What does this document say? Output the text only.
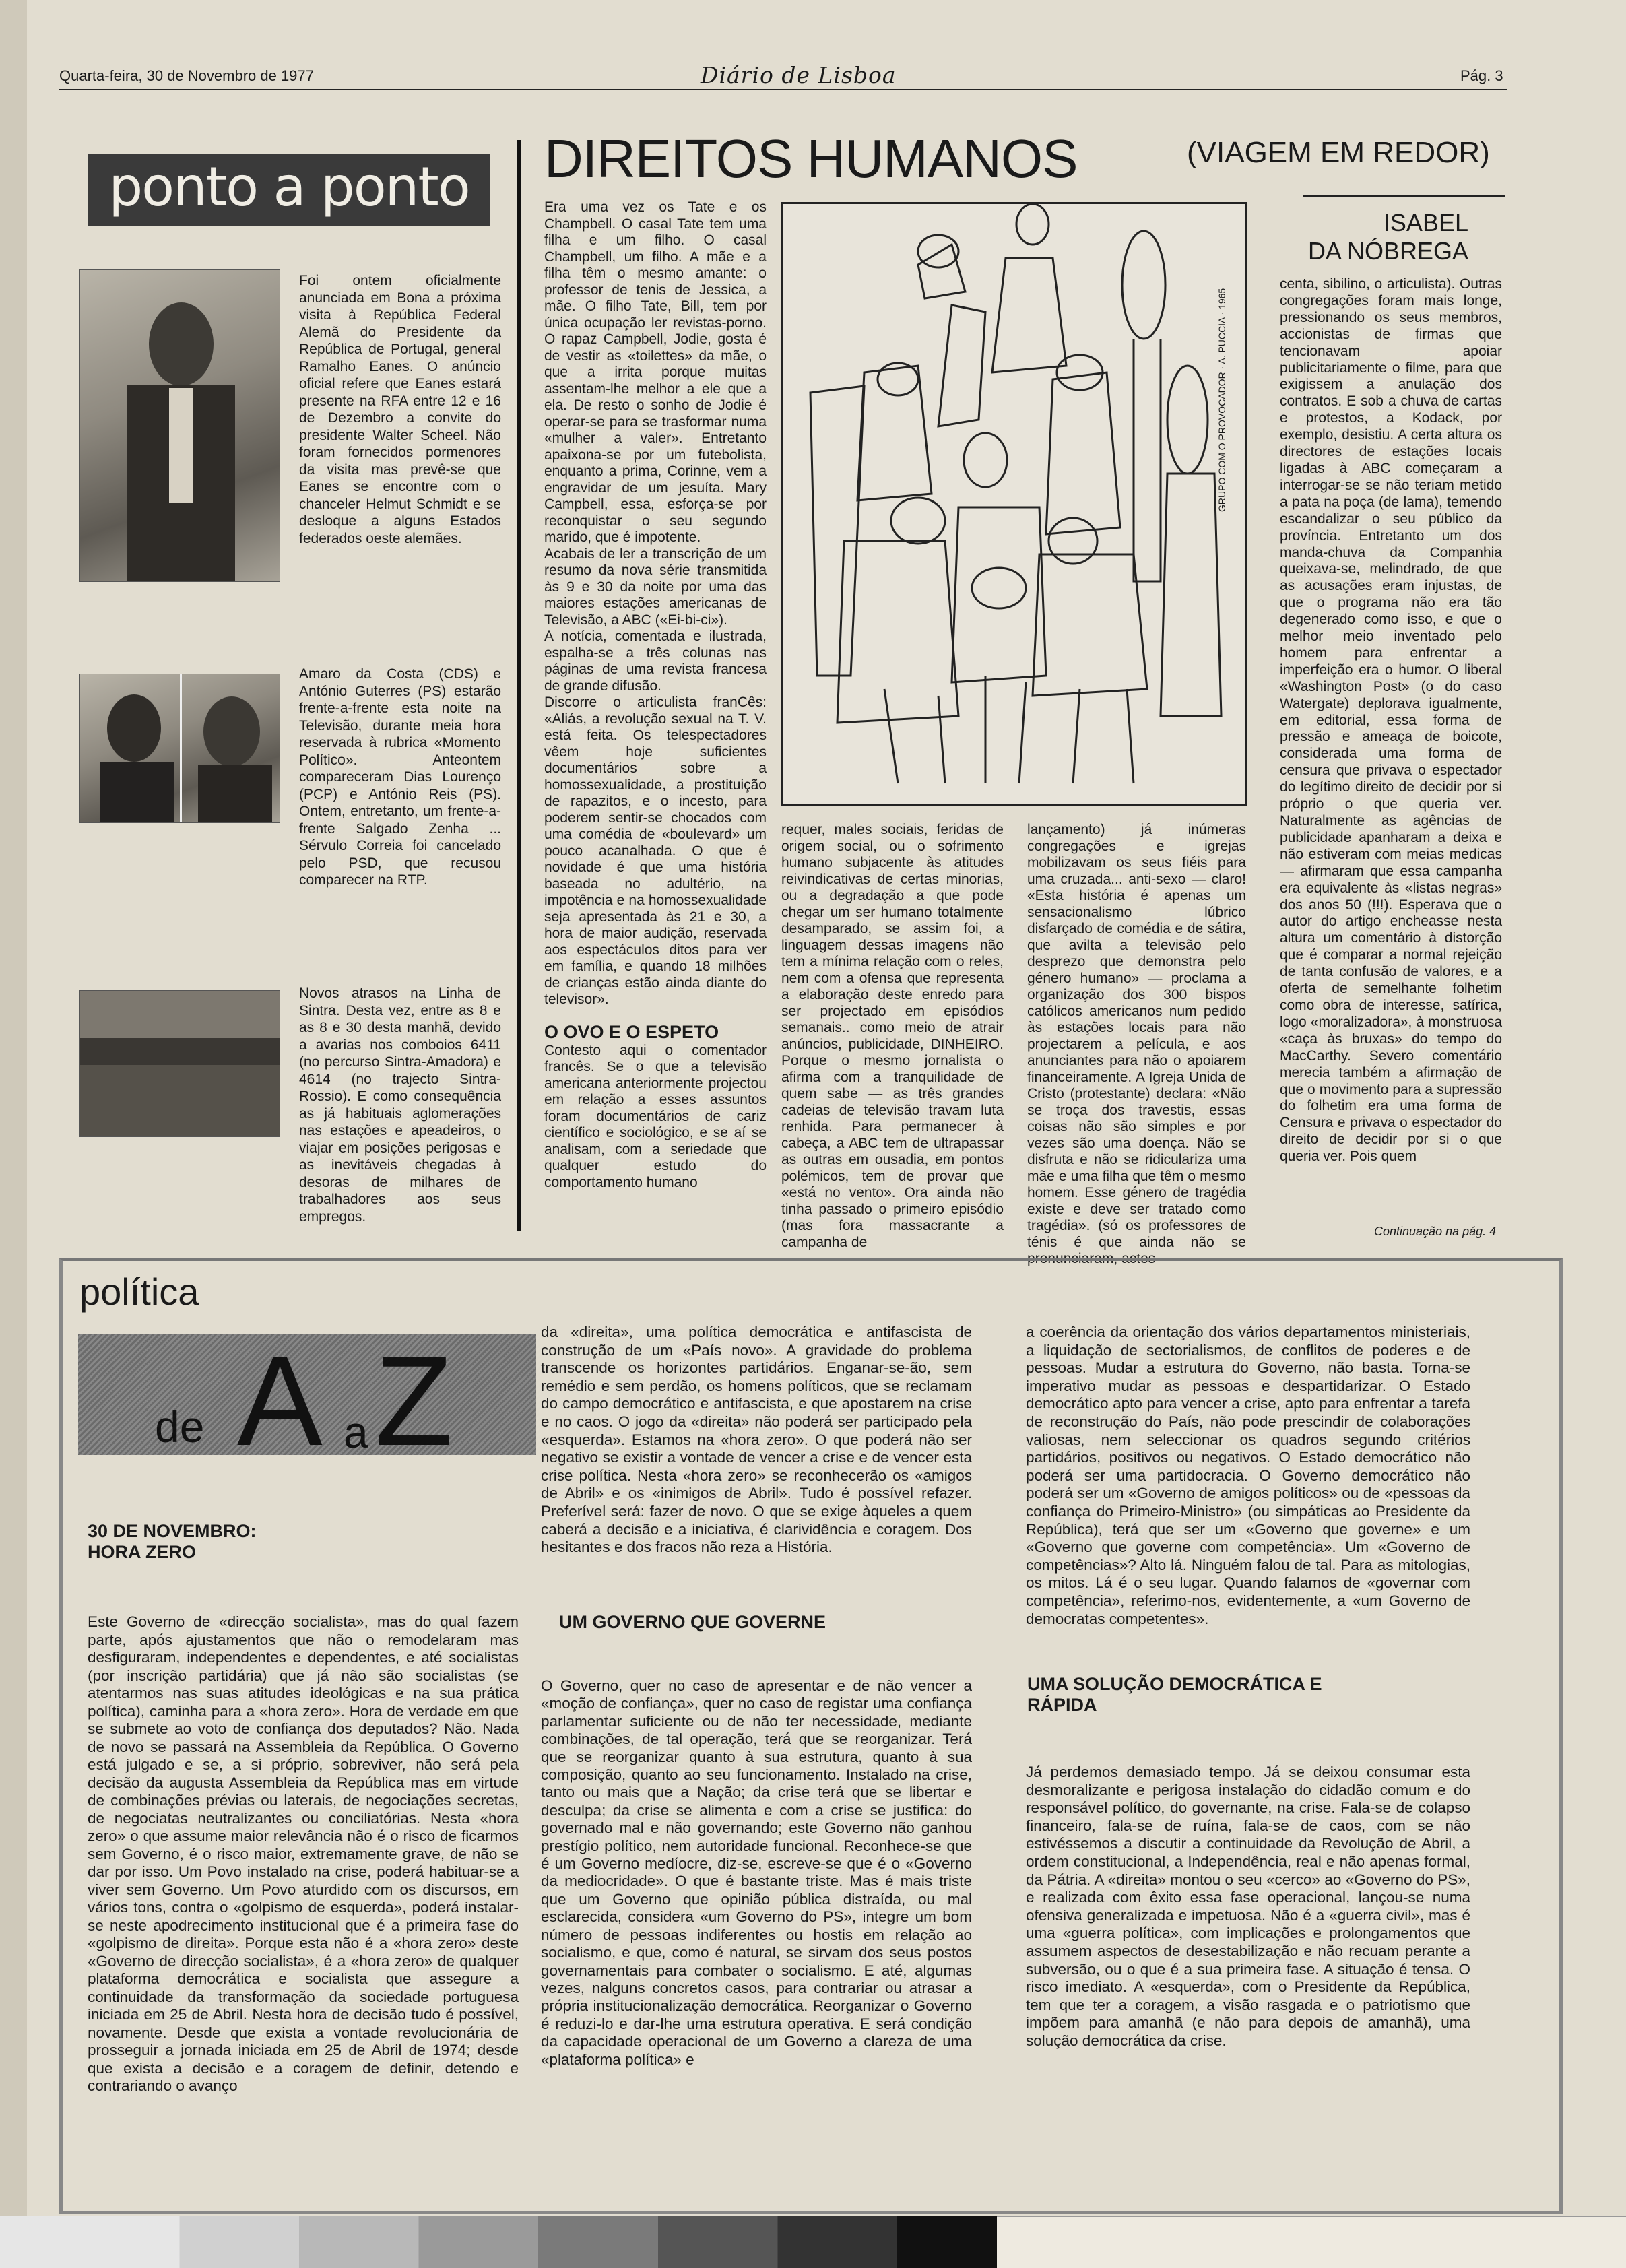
Quarta-feira, 30 de Novembro de 1977	Diário de Lisboa	Pág. 3
ponto a ponto
Foi ontem oficialmente anunciada em Bona a próxima visita à República Federal Alemã do Presidente da República de Portugal, general Ramalho Eanes. O anúncio oficial refere que Eanes estará presente na RFA entre 12 e 16 de Dezembro a convite do presidente Walter Scheel. Não foram fornecidos pormenores da visita mas prevê-se que Eanes se encontre com o chanceler Helmut Schmidt e se desloque a alguns Estados federados oeste alemães.
Amaro da Costa (CDS) e António Guterres (PS) estarão frente-a-frente esta noite na Televisão, durante meia hora reservada à rubrica «Momento Político». Anteontem compareceram Dias Lourenço (PCP) e António Reis (PS). Ontem, entretanto, um frente-a-frente Salgado Zenha ... Sérvulo Correia foi cancelado pelo PSD, que recusou comparecer na RTP.
Novos atrasos na Linha de Sintra. Desta vez, entre as 8 e as 8 e 30 desta manhã, devido a avarias nos comboios 6411 (no percurso Sintra-Amadora) e 4614 (no trajecto Sintra-Rossio). E como consequência as já habituais aglomerações nas estações e apeadeiros, o viajar em posições perigosas e as inevitáveis chegadas à desoras de milhares de trabalhadores aos seus empregos.
DIREITOS HUMANOS	(VIAGEM EM REDOR)
ISABEL
DA NÓBREGA
Era uma vez os Tate e os Champbell. O casal Tate tem uma filha e um filho. O casal Champbell, um filho. A mãe e a filha têm o mesmo amante: o professor de tenis de Jessica, a mãe. O filho Tate, Bill, tem por única ocupação ler revistas-porno. O rapaz Campbell, Jodie, gosta é de vestir as «toilettes» da mãe, o que a irrita porque muitas assentam-lhe melhor a ele que a ela. De resto o sonho de Jodie é operar-se para se trasformar numa «mulher a valer». Entretanto apaixona-se por um futebolista, enquanto a prima, Corinne, vem a engravidar de um jesuíta. Mary Campbell, essa, esforça-se por reconquistar o seu segundo marido, que é impotente.
Acabais de ler a transcrição de um resumo da nova série transmitida às 9 e 30 da noite por uma das maiores estações americanas de Televisão, a ABC («Ei-bi-ci»).
A notícia, comentada e ilustrada, espalha-se a três colunas nas páginas de uma revista francesa de grande difusão.
Discorre o articulista franCês: «Aliás, a revolução sexual na T. V. está feita. Os telespectadores vêem hoje suficientes documentários sobre a homossexualidade, a prostituição de rapazitos, e o incesto, para poderem sentir-se chocados com uma comédia de «boulevard» um pouco acanalhada. O que é novidade é que uma história baseada no adultério, na impotência e na homossexualidade seja apresentada às 21 e 30, a hora de maior audição, reservada aos espectáculos ditos para ver em família, e quando 18 milhões de crianças estão ainda diante do televisor».
O OVO E O ESPETO
Contesto aqui o comentador francês. Se o que a televisão americana anteriormente projectou em relação a esses assuntos foram documentários de cariz científico e sociológico, e se aí se analisam, com a seriedade que qualquer estudo do comportamento humano
GRUPO COM O PROVOCADOR · A. PUCCIA · 1965
requer, males sociais, feridas de origem social, ou o sofrimento humano subjacente às atitudes reivindicativas de certas minorias, ou a degradação a que pode chegar um ser humano totalmente desamparado, se assim foi, a linguagem dessas imagens não tem a mínima relação com o reles, nem com a ofensa que representa a elaboração deste enredo para ser projectado em episódios semanais.. como meio de atrair anúncios, publicidade, DINHEIRO. Porque o mesmo jornalista o afirma com a tranquilidade de quem sabe — as três grandes cadeias de televisão travam luta renhida. Para permanecer à cabeça, a ABC tem de ultrapassar as outras em ousadia, em pontos polémicos, tem de provar que «está no vento». Ora ainda não tinha passado o primeiro episódio (mas fora massacrante a campanha de
lançamento) já inúmeras congregações e igrejas mobilizavam os seus fiéis para uma cruzada... anti-sexo — claro! «Esta história é apenas um sensacionalismo lúbrico disfarçado de comédia e de sátira, que avilta a televisão pelo desprezo que demonstra pelo género humano» — proclama a organização dos 300 bispos católicos americanos num pedido às estações locais para não projectarem a película, e aos anunciantes para não o apoiarem financeiramente. A Igreja Unida de Cristo (protestante) declara: «Não se troça dos travestis, essas coisas não são simples e por vezes são uma doença. Não se disfruta e não se ridiculariza uma mãe e uma filha que têm o mesmo homem. Esse género de tragédia existe e deve ser tratado como tragédia». (só os professores de ténis é que ainda não se pronunciaram, actes-
centa, sibilino, o articulista). Outras congregações foram mais longe, pressionando os seus membros, accionistas de firmas que tencionavam apoiar publicitariamente o filme, para que exigissem a anulação dos contratos. E sob a chuva de cartas e protestos, a Kodack, por exemplo, desistiu. A certa altura os directores de estações locais ligadas à ABC começaram a interrogar-se se não teriam metido a pata na poça (de lama), temendo escandalizar o seu público da província. Entretanto um dos manda-chuva da Companhia queixava-se, melindrado, de que as acusações eram injustas, de que o programa não era tão degenerado como isso, e que o melhor meio inventado pelo homem para enfrentar a imperfeição era o humor. O liberal «Washington Post» (o do caso Watergate) deplorava igualmente, em editorial, essa forma de pressão e ameaça de boicote, considerada uma forma de censura que privava o espectador do legítimo direito de decidir por si próprio o que queria ver. Naturalmente as agências de publicidade apanharam a deixa e não estiveram com meias medicas — afirmaram que essa campanha era equivalente às «listas negras» dos anos 50 (!!!). Esperava que o autor do artigo encheasse nesta altura um comentário à distorção que é comparar a normal rejeição de tanta confusão de valores, e a oferta de semelhante folhetim como obra de interesse, satírica, logo «moralizadora», à monstruosa «caça às bruxas» do tempo do MacCarthy. Severo comentário merecia também a afirmação de que o movimento para a supressão do folhetim era uma forma de Censura e privava o espectador do direito de decidir por si o que queria ver. Pois quem
Continuação na pág. 4
política
de A a Z
30 DE NOVEMBRO: HORA ZERO
Este Governo de «direcção socialista», mas do qual fazem parte, após ajustamentos que não o remodelaram mas desfiguraram, independentes e dependentes, e até socialistas (por inscrição partidária) que já não são socialistas (se atentarmos nas suas atitudes ideológicas e na sua prática política), caminha para a «hora zero». Hora de verdade em que se submete ao voto de confiança dos deputados? Não. Nada de novo se passará na Assembleia da República. O Governo está julgado e se, a si próprio, sobreviver, não será pela decisão da augusta Assembleia da República mas em virtude de combinações prévias ou laterais, de negociações secretas, de negociatas neutralizantes ou conciliatórias. Nesta «hora zero» o que assume maior relevância não é o risco de ficarmos sem Governo, é o risco maior, extremamente grave, de não se dar por isso. Um Povo instalado na crise, poderá habituar-se a viver sem Governo. Um Povo aturdido com os discursos, em vários tons, contra o «golpismo de esquerda», poderá instalar-se neste apodrecimento institucional que é a primeira fase do «golpismo de direita». Porque esta não é a «hora zero» deste «Governo de direcção socialista», é a «hora zero» de qualquer plataforma democrática e socialista que assegure a continuidade da transformação da sociedade portuguesa iniciada em 25 de Abril. Nesta hora de decisão tudo é possível, novamente. Desde que exista a vontade revolucionária de prosseguir a jornada iniciada em 25 de Abril de 1974; desde que exista a decisão e a coragem de definir, detendo e contrariando o avanço
da «direita», uma política democrática e antifascista de construção de um «País novo». A gravidade do problema transcende os horizontes partidários. Enganar-se-ão, sem remédio e sem perdão, os homens políticos, que se reclamam do campo democrático e antifascista, e que apostarem na crise e no caos. O jogo da «direita» não poderá ser participado pela «esquerda». Estamos na «hora zero». O que poderá não ser negativo se existir a vontade de vencer a crise e de vencer esta crise política. Nesta «hora zero» se reconhecerão os «amigos de Abril» e os «inimigos de Abril». Tudo é possível refazer. Preferível será: fazer de novo. O que se exige àqueles a quem caberá a decisão e a iniciativa, é clarividência e coragem. Dos hesitantes e dos fracos não reza a História.
UM GOVERNO QUE GOVERNE
O Governo, quer no caso de apresentar e de não vencer a «moção de confiança», quer no caso de registar uma confiança parlamentar suficiente ou de não ter necessidade, mediante combinações, de tal operação, terá que se reorganizar. Terá que se reorganizar quanto à sua estrutura, quanto à sua composição, quanto ao seu funcionamento. Instalado na crise, tanto ou mais que a Nação; da crise terá que se libertar e desculpa; da crise se alimenta e com a crise se justifica: do governado mal e não governando; este Governo não ganhou prestígio político, nem autoridade funcional. Reconhece-se que é um Governo medíocre, diz-se, escreve-se que é o «Governo da mediocridade». O que é bastante triste. Mas é mais triste que um Governo que opinião pública distraída, ou mal esclarecida, considera «um Governo do PS», integre um bom número de pessoas indiferentes ou hostis em relação ao socialismo, e que, como é natural, se sirvam dos seus postos governamentais para combater o socialismo. E até, algumas vezes, nalguns concretos casos, para contrariar ou atrasar a própria institucionalização democrática. Reorganizar o Governo é reduzi-lo e dar-lhe uma estrutura operativa. E será condição da capacidade operacional de um Governo a clareza de uma «plataforma política» e
a coerência da orientação dos vários departamentos ministeriais, a liquidação de sectorialismos, de conflitos de poderes e de pessoas. Mudar a estrutura do Governo, não basta. Torna-se imperativo mudar as pessoas e despartidarizar. O Estado democrático apto para vencer a crise, apto para enfrentar a tarefa de reconstrução do País, não pode prescindir de colaborações valiosas, nem seleccionar os quadros segundo critérios partidários, positivos ou negativos. O Estado democrático não poderá ser uma partidocracia. O Governo democrático não poderá ser um «Governo de amigos políticos» ou de «pessoas da confiança do Primeiro-Ministro» (ou simpáticas ao Presidente da República), terá que ser um «Governo que governe» e um «Governo que governe com competência». Um «Governo de competências»? Alto lá. Ninguém falou de tal. Para as mitologias, os mitos. Lá é o seu lugar. Quando falamos de «governar com competência», referimo-nos, evidentemente, a «um Governo de democratas competentes».
UMA SOLUÇÃO DEMOCRÁTICA E RÁPIDA
Já perdemos demasiado tempo. Já se deixou consumar esta desmoralizante e perigosa instalação do cidadão comum e do responsável político, do governante, na crise. Fala-se de colapso financeiro, fala-se de ruína, fala-se de caos, com se não estivéssemos a discutir a continuidade da Revolução de Abril, a ordem constitucional, a Independência, real e não apenas formal, da Pátria. A «direita» montou o seu «cerco» ao «Governo do PS», e realizada com êxito essa fase operacional, lançou-se numa ofensiva generalizada e impetuosa. Não é a «guerra civil», mas é uma «guerra política», com implicações e prolongamentos que assumem aspectos de desestabilização e não recuam perante a subversão, ou o que é a sua primeira fase. A situação é tensa. O risco imediato. A «esquerda», com o Presidente da República, tem que ter a coragem, a visão rasgada e o patriotismo que impõem para amanhã (e não para depois de amanhã), uma solução democrática da crise.
